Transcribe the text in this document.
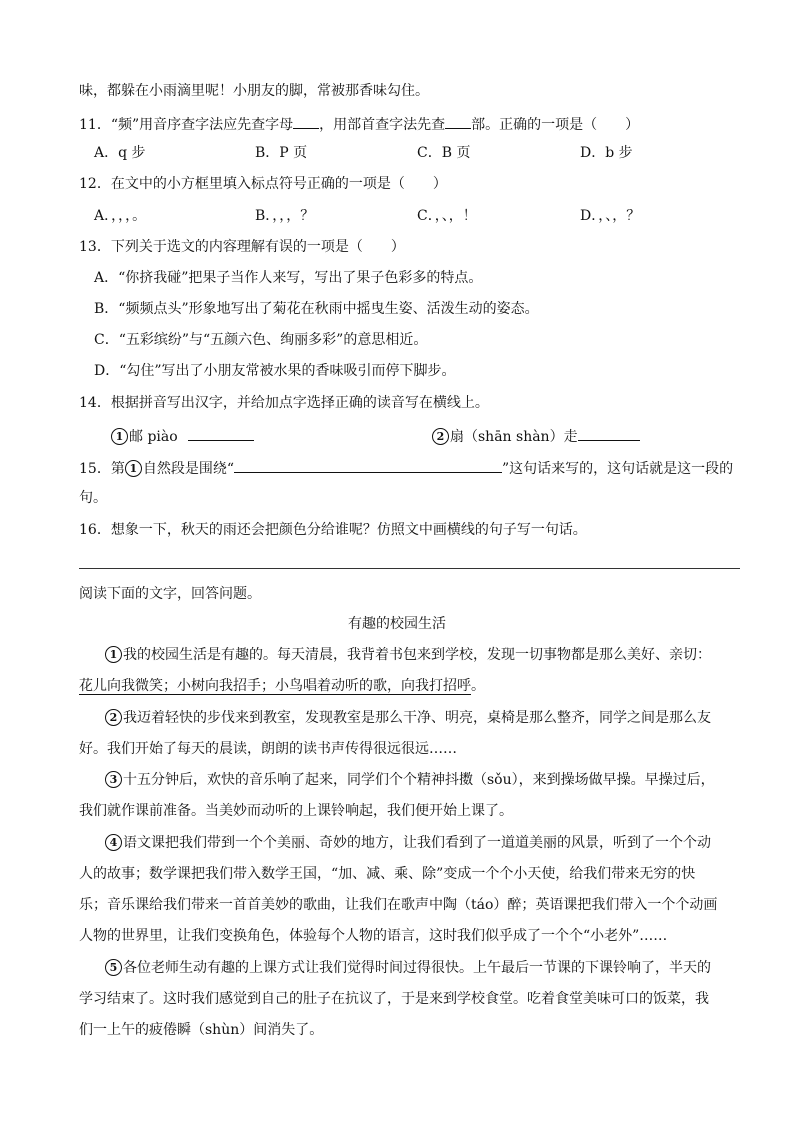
味，都躲在小雨滴里呢！小朋友的脚，常被那香味勾住。
11．“频”用音序查字法应先查字母 ，用部首查字法先查 部。正确的一项是（　　）
A．q 步	B．P 页	C．B 页	D．b 步
12．在文中的小方框里填入标点符号正确的一项是（　　）
A．，，，。	B．，，，？	C．，、，！	D．，、，？
13．下列关于选文的内容理解有误的一项是（　　）
A．“你挤我碰”把果子当作人来写，写出了果子色彩多的特点。
B．“频频点头”形象地写出了菊花在秋雨中摇曳生姿、活泼生动的姿态。
C．“五彩缤纷”与“五颜六色、绚丽多彩”的意思相近。
D．“勾住”写出了小朋友常被水果的香味吸引而停下脚步。
14．根据拼音写出汉字，并给加点字选择正确的读音写在横线上。
1 邮 piào	2 扇（shān shàn）走
15．第 1 自然段是围绕“	”这句话来写的，这句话就是这一段的
句。
16．想象一下，秋天的雨还会把颜色分给谁呢？仿照文中画横线的句子写一句话。
阅读下面的文字，回答问题。
有趣的校园生活
1 我的校园生活是有趣的。每天清晨，我背着书包来到学校，发现一切事物都是那么美好、亲切：
花儿向我微笑；小树向我招手；小鸟唱着动听的歌，向我打招呼。
2 我迈着轻快的步伐来到教室，发现教室是那么干净、明亮，桌椅是那么整齐，同学之间是那么友
好。我们开始了每天的晨读，朗朗的读书声传得很远很远……
3 十五分钟后，欢快的音乐响了起来，同学们个个精神抖擞（sǒu），来到操场做早操。早操过后，
我们就作课前准备。当美妙而动听的上课铃响起，我们便开始上课了。
4 语文课把我们带到一个个美丽、奇妙的地方，让我们看到了一道道美丽的风景，听到了一个个动
人的故事；数学课把我们带入数学王国，“加、减、乘、除”变成一个个小天使，给我们带来无穷的快
乐；音乐课给我们带来一首首美妙的歌曲，让我们在歌声中陶（táo）醉；英语课把我们带入一个个动画
人物的世界里，让我们变换角色，体验每个人物的语言，这时我们似乎成了一个个“小老外”……
5 各位老师生动有趣的上课方式让我们觉得时间过得很快。上午最后一节课的下课铃响了，半天的
学习结束了。这时我们感觉到自己的肚子在抗议了，于是来到学校食堂。吃着食堂美味可口的饭菜，我
们一上午的疲倦瞬（shùn）间消失了。
